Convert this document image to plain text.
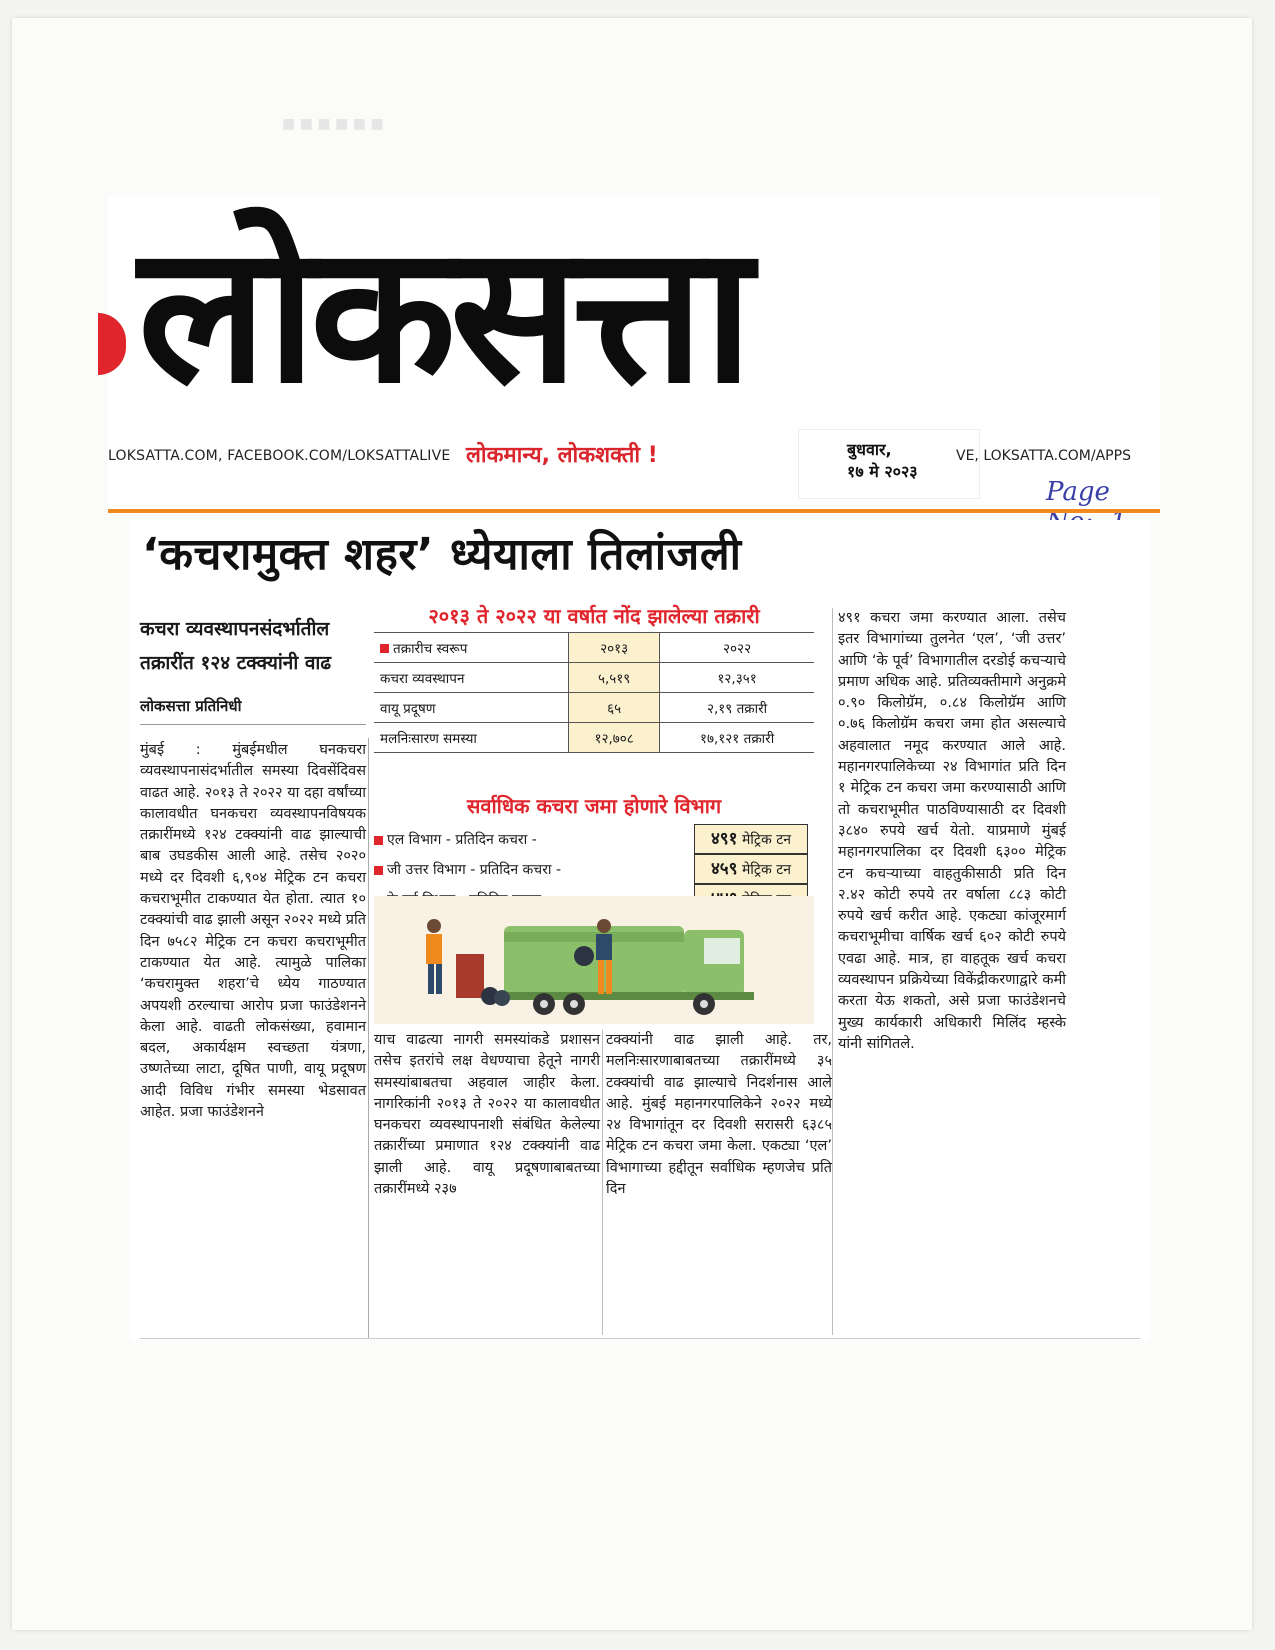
■ ■ ■ ■ ■ ■
लोकसत्ता
LOKSATTA.COM, FACEBOOK.COM/LOKSATTALIVE लोकमान्य, लोकशक्ती !	बुधवार,
१७ मे २०२३
VE, LOKSATTA.COM/APPS
Page
‘कचरामुक्त शहर’ ध्येयाला तिलांजली
कचरा व्यवस्थापनसंदर्भातील तक्रारींत १२४ टक्क्यांनी वाढ
लोकसत्ता प्रतिनिधी
मुंबई : मुंबईमधील घनकचरा व्यवस्थापनासंदर्भातील समस्या दिवसेंदिवस वाढत आहे. २०१३ ते २०२२ या दहा वर्षांच्या कालावधीत घनकचरा व्यवस्थापनविषयक तक्रारींमध्ये १२४ टक्क्यांनी वाढ झाल्याची बाब उघडकीस आली आहे. तसेच २०२० मध्ये दर दिवशी ६,९०४ मेट्रिक टन कचरा कचराभूमीत टाकण्यात येत होता. त्यात १० टक्क्यांची वाढ झाली असून २०२२ मध्ये प्रति दिन ७५८२ मेट्रिक टन कचरा कचराभूमीत टाकण्यात येत आहे. त्यामुळे पालिका ‘कचरामुक्त शहरा’चे ध्येय गाठण्यात अपयशी ठरल्याचा आरोप प्रजा फाउंडेशनने केला आहे. वाढती लोकसंख्या, हवामान बदल, अकार्यक्षम स्वच्छता यंत्रणा, उष्णतेच्या लाटा, दूषित पाणी, वायू प्रदूषण आदी विविध गंभीर समस्या भेडसावत आहेत. प्रजा फाउंडेशनने
२०१३ ते २०२२ या वर्षात नोंद झालेल्या तक्रारी
तक्रारीच स्वरूप	२०१३	२०२२
कचरा व्यवस्थापन	५,५१९	१२,३५१
वायू प्रदूषण	६५	२,१९ तक्रारी
मलनिःसारण समस्या	१२,७०८	१७,१२१ तक्रारी
सर्वाधिक कचरा जमा होणारे विभाग
एल विभाग - प्रतिदिन कचरा -	४९१ मेट्रिक टन
जी उत्तर विभाग - प्रतिदिन कचरा -	४५९ मेट्रिक टन
याच वाढत्या नागरी समस्यांकडे प्रशासन तसेच इतरांचे लक्ष वेधण्याचा हेतूने नागरी समस्यांबाबतचा अहवाल जाहीर केला. नागरिकांनी २०१३ ते २०२२ या कालावधीत घनकचरा व्यवस्थापनाशी संबंधित केलेल्या तक्रारींच्या प्रमाणात १२४ टक्क्यांनी वाढ झाली आहे. वायू प्रदूषणाबाबतच्या तक्रारींमध्ये २३७
टक्क्यांनी वाढ झाली आहे. तर, मलनिःसारणाबाबतच्या तक्रारींमध्ये ३५ टक्क्यांची वाढ झाल्याचे निदर्शनास आले आहे. मुंबई महानगरपालिकेने २०२२ मध्ये २४ विभागांतून दर दिवशी सरासरी ६३८५ मेट्रिक टन कचरा जमा केला. एकट्या ‘एल’ विभागाच्या हद्दीतून सर्वाधिक म्हणजेच प्रति दिन
४९१ कचरा जमा करण्यात आला. तसेच इतर विभागांच्या तुलनेत ‘एल’, ‘जी उत्तर’ आणि ‘के पूर्व’ विभागातील दरडोई कचऱ्याचे प्रमाण अधिक आहे. प्रतिव्यक्तीमागे अनुक्रमे ०.९० किलोग्रॅम, ०.८४ किलोग्रॅम आणि ०.७६ किलोग्रॅम कचरा जमा होत असल्याचे अहवालात नमूद करण्यात आले आहे. महानगरपालिकेच्या २४ विभागांत प्रति दिन १ मेट्रिक टन कचरा जमा करण्यासाठी आणि तो कचराभूमीत पाठविण्यासाठी दर दिवशी ३८४० रुपये खर्च येतो. याप्रमाणे मुंबई महानगरपालिका दर दिवशी ६३०० मेट्रिक टन कचऱ्याच्या वाहतुकीसाठी प्रति दिन २.४२ कोटी रुपये तर वर्षाला ८८३ कोटी रुपये खर्च करीत आहे. एकट्या कांजूरमार्ग कचराभूमीचा वार्षिक खर्च ६०२ कोटी रुपये एवढा आहे. मात्र, हा वाहतूक खर्च कचरा व्यवस्थापन प्रक्रियेच्या विकेंद्रीकरणाद्वारे कमी करता येऊ शकतो, असे प्रजा फाउंडेशनचे मुख्य कार्यकारी अधिकारी मिलिंद म्हस्के यांनी सांगितले.
